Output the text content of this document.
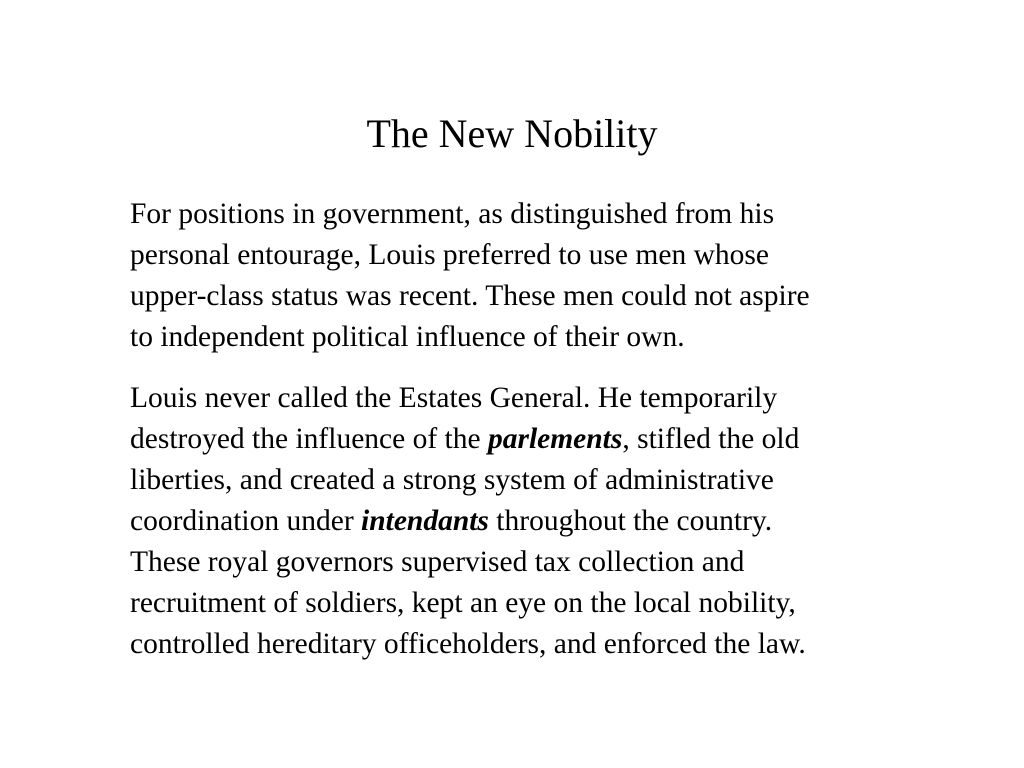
The New Nobility

For positions in government, as distinguished from his
personal entourage, Louis preferred to use men whose
upper-class status was recent. These men could not aspire
to independent political influence of their own.

Louis never called the Estates General. He temporarily
destroyed the influence of the parlements, stifled the old
liberties, and created a strong system of administrative
coordination under intendants throughout the country.
These royal governors supervised tax collection and
recruitment of soldiers, kept an eye on the local nobility,
controlled hereditary officeholders, and enforced the law.
